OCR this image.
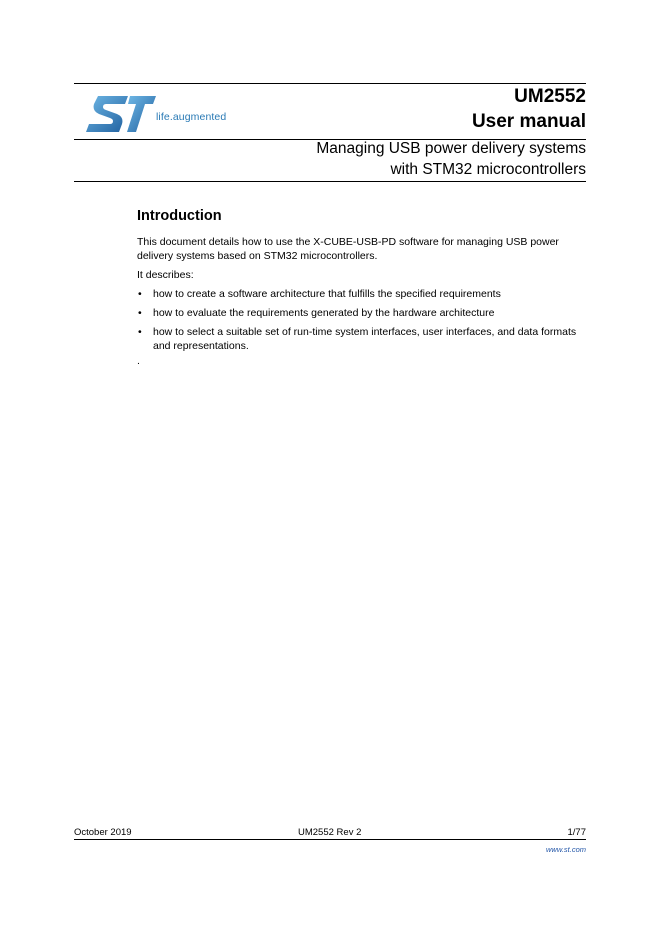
life.augmented
UM2552
User manual
Managing USB power delivery systems
with STM32 microcontrollers
Introduction

This document details how to use the X-CUBE-USB-PD software for managing USB power delivery systems based on STM32 microcontrollers.

It describes:

• how to create a software architecture that fulfills the specified requirements
• how to evaluate the requirements generated by the hardware architecture
• how to select a suitable set of run-time system interfaces, user interfaces, and data formats and representations.
.
October 2019	UM2552 Rev 2	1/77
www.st.com
